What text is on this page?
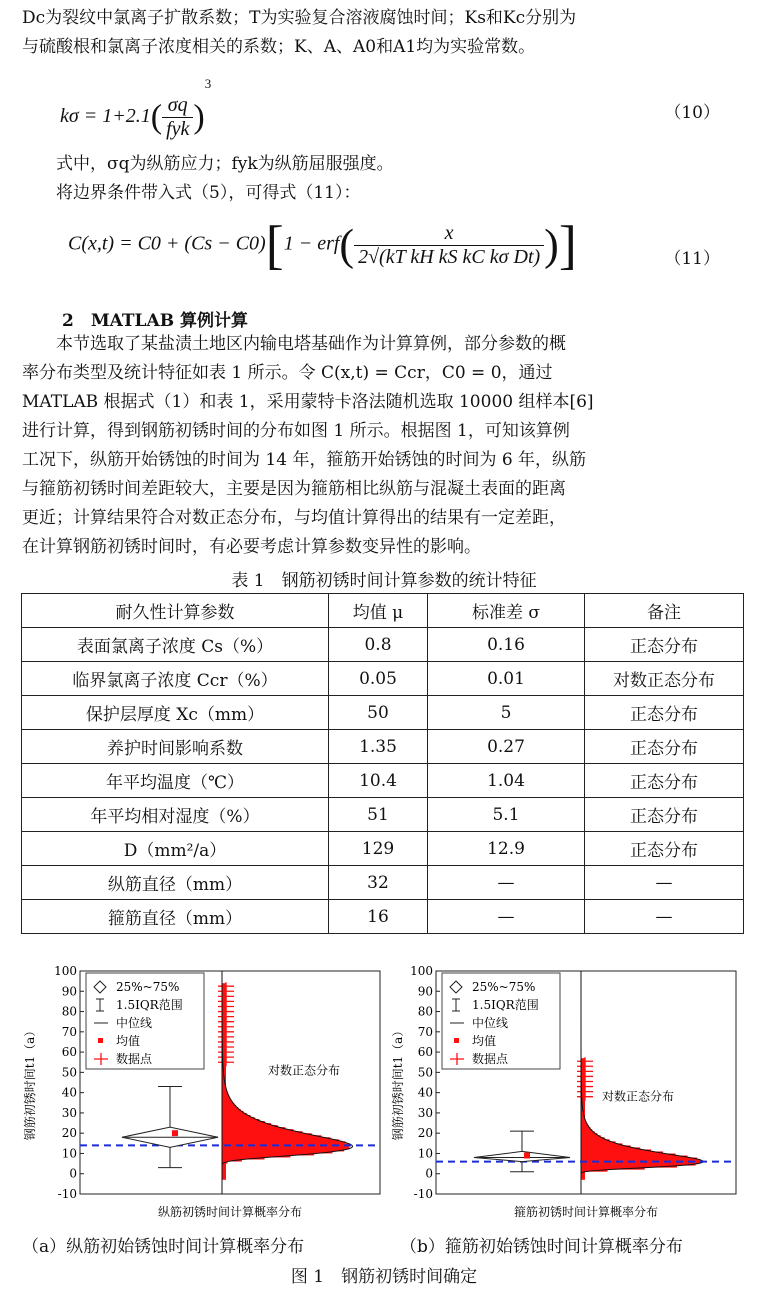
Dc为裂纹中氯离子扩散系数；T为实验复合溶液腐蚀时间；Ks和Kc分别为
与硫酸根和氯离子浓度相关的系数；K、A、A0和A1均为实验常数。
$k\sigma = 1+2.1( \frac{\sigma q}{\text{fyk}} )^3$
（10）
式中，σq为纵筋应力；fyk为纵筋屈服强度。
将边界条件带入式（5），可得式（11）：
$C(x,t) = C0 + (Cs - C0)[1 - erf( \frac{x}{\text{2√(kT kH kS kC kσ Dt)}}$ )]	（11）
2　MATLAB 算例计算
本节选取了某盐渍土地区内输电塔基础作为计算算例，部分参数的概
率分布类型及统计特征如表 1 所示。令 C(x,t) = Ccr，C0 = 0，通过
MATLAB 根据式（1）和表 1，采用蒙特卡洛法随机选取 10000 组样本[6]
进行计算，得到钢筋初锈时间的分布如图 1 所示。根据图 1，可知该算例
工况下，纵筋开始锈蚀的时间为 14 年，箍筋开始锈蚀的时间为 6 年，纵筋
与箍筋初锈时间差距较大，主要是因为箍筋相比纵筋与混凝土表面的距离
更近；计算结果符合对数正态分布，与均值计算得出的结果有一定差距，
在计算钢筋初锈时间时，有必要考虑计算参数变异性的影响。
表 1　钢筋初锈时间计算参数的统计特征
耐久性计算参数	均值 μ	标准差 σ	备注
表面氯离子浓度 Cs（%）	0.8	0.16	正态分布
临界氯离子浓度 Ccr（%）	0.05	0.01	对数正态分布
保护层厚度 Xc（mm）	50	5	正态分布
养护时间影响系数	1.35	0.27	正态分布
年平均温度（℃）	10.4	1.04	正态分布
年平均相对湿度（%）	51	5.1	正态分布
D（mm²/a）	129	12.9	正态分布
纵筋直径（mm）	32	—	—
箍筋直径（mm）	16	—	—
100
90
80
70
60
50
40
30
20
10
0
-10
钢筋初锈时间t1（a）
纵筋初锈时间计算概率分布
对数正态分布
25%~75%
1.5IQR范围
中位线
均值
数据点
100
90
80
70
60
50
40
30
20
10
0
-10
钢筋初锈时间t1（a）
箍筋初锈时间计算概率分布
对数正态分布
25%~75%
1.5IQR范围
中位线
均值
数据点
（a）纵筋初始锈蚀时间计算概率分布	（b）箍筋初始锈蚀时间计算概率分布
图 1　钢筋初锈时间确定
